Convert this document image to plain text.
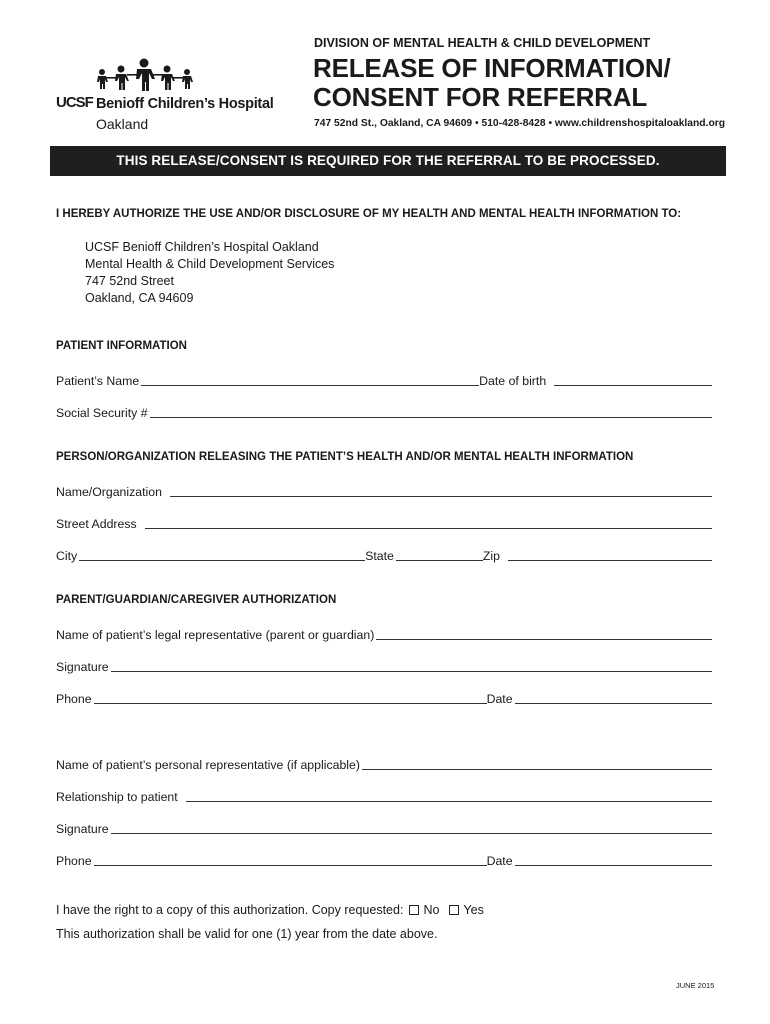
UCSF Benioff Children’s Hospital
Oakland
DIVISION OF MENTAL HEALTH & CHILD DEVELOPMENT
RELEASE OF INFORMATION/
CONSENT FOR REFERRAL
747 52nd St., Oakland, CA 94609 • 510-428-8428 • www.childrenshospitaloakland.org
THIS RELEASE/CONSENT IS REQUIRED FOR THE REFERRAL TO BE PROCESSED.
I HEREBY AUTHORIZE THE USE AND/OR DISCLOSURE OF MY HEALTH AND MENTAL HEALTH INFORMATION TO:
UCSF Benioff Children’s Hospital Oakland
Mental Health & Child Development Services
747 52nd Street
Oakland, CA 94609
PATIENT INFORMATION
Patient’s Name	Date of birth
Social Security #
PERSON/ORGANIZATION RELEASING THE PATIENT’S HEALTH AND/OR MENTAL HEALTH INFORMATION
Name/Organization
Street Address
City	State	Zip
PARENT/GUARDIAN/CAREGIVER AUTHORIZATION
Name of patient’s legal representative (parent or guardian)
Signature
Phone	Date
Name of patient’s personal representative (if applicable)
Relationship to patient
Signature
Phone	Date
I have the right to a copy of this authorization. Copy requested: No Yes
This authorization shall be valid for one (1) year from the date above.
JUNE 2015
